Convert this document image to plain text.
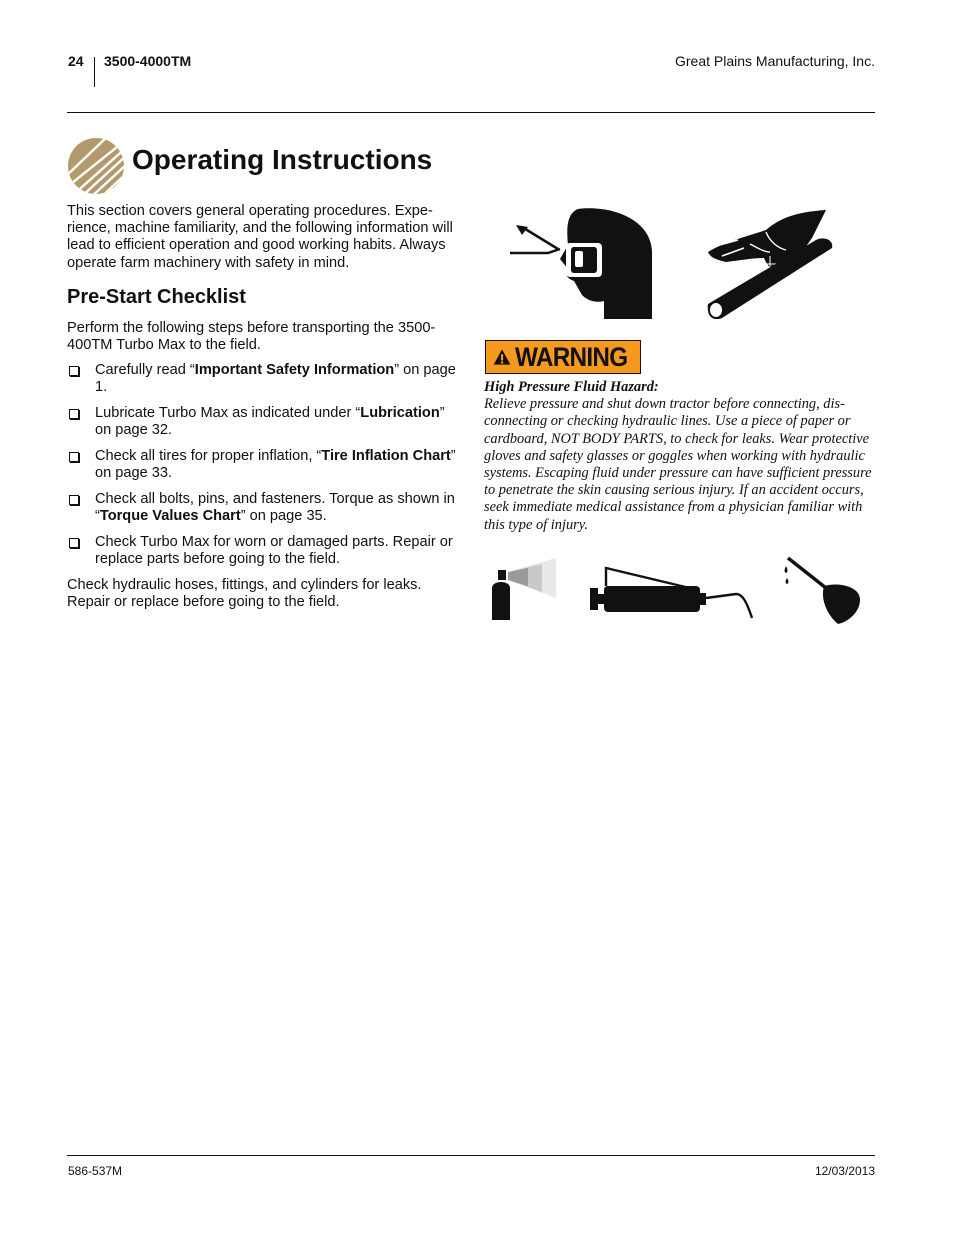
24 3500-4000TM	Great Plains Manufacturing, Inc.
Operating Instructions

This section covers general operating procedures. Experience, machine familiarity, and the following information will lead to efficient operation and good working habits. Always operate farm machinery with safety in mind.

Pre-Start Checklist

Perform the following steps before transporting the 3500-400TM Turbo Max to the field.

Carefully read “Important Safety Information” on page 1.
Lubricate Turbo Max as indicated under “Lubrication” on page 32.
Check all tires for proper inflation, “Tire Inflation Chart” on page 33.
Check all bolts, pins, and fasteners. Torque as shown in “Torque Values Chart” on page 35.
Check Turbo Max for worn or damaged parts. Repair or replace parts before going to the field.

Check hydraulic hoses, fittings, and cylinders for leaks. Repair or replace before going to the field.

WARNING

High Pressure Fluid Hazard:
Relieve pressure and shut down tractor before connecting, disconnecting or checking hydraulic lines. Use a piece of paper or cardboard, NOT BODY PARTS, to check for leaks. Wear protective gloves and safety glasses or goggles when working with hydraulic systems. Escaping fluid under pressure can have sufficient pressure to penetrate the skin causing serious injury. If an accident occurs, seek immediate medical assistance from a physician familiar with this type of injury.

586-537M	12/03/2013
